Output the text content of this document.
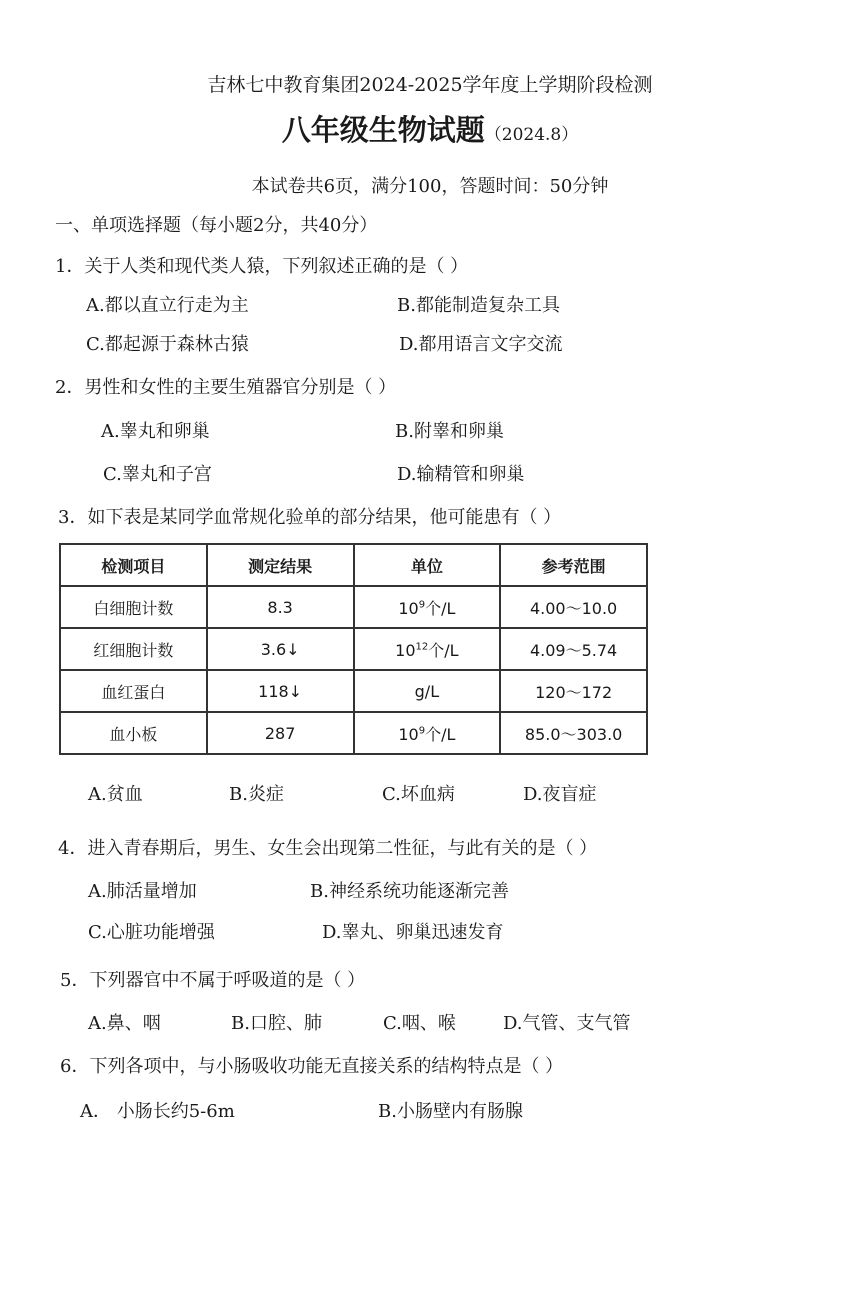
吉林七中教育集团2024-2025学年度上学期阶段检测
八年级生物试题（2024.8）
本试卷共6页，满分100，答题时间：50分钟
一、单项选择题（每小题2分，共40分）
1．关于人类和现代类人猿，下列叙述正确的是（ ）
A.都以直立行走为主	B.都能制造复杂工具
C.都起源于森林古猿	D.都用语言文字交流
2．男性和女性的主要生殖器官分别是（ ）
A.睾丸和卵巢	B.附睾和卵巢
C.睾丸和子宫	D.输精管和卵巢
3．如下表是某同学血常规化验单的部分结果，他可能患有（ ）
检测项目	测定结果	单位	参考范围
白细胞计数	8.3	$10^9$个/L	4.00～10.0
红细胞计数	3.6↓	$10^{12}$个/L	4.09～5.74
血红蛋白	118↓	g/L	120～172
血小板	287	$10^9$个/L	85.0～303.0
A.贫血	B.炎症	C.坏血病	D.夜盲症
4．进入青春期后，男生、女生会出现第二性征，与此有关的是（ ）
A.肺活量增加	B.神经系统功能逐渐完善
C.心脏功能增强	D.睾丸、卵巢迅速发育
5．下列器官中不属于呼吸道的是（ ）
A.鼻、咽	B.口腔、肺	C.咽、喉	D.气管、支气管
6．下列各项中，与小肠吸收功能无直接关系的结构特点是（ ）
A． 小肠长约5-6m	B.小肠壁内有肠腺
